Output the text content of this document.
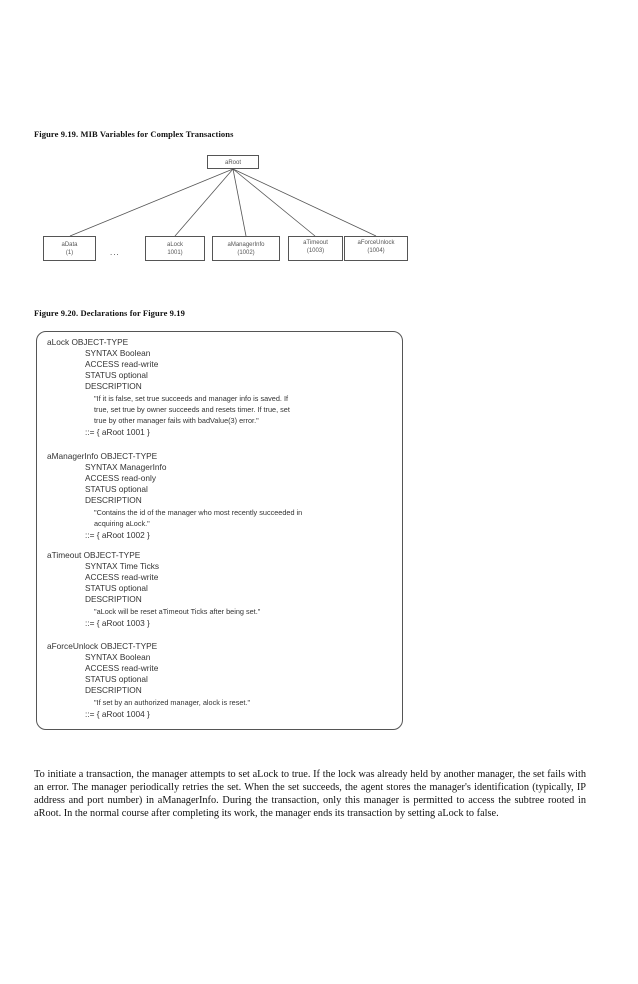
Figure 9.19. MIB Variables for Complex Transactions
aRoot
aData
(1)	...
aLock
1001)
aManagerInfo
(1002)
aTimeout
(1003)
aForceUnlock
(1004)
Figure 9.20. Declarations for Figure 9.19
aLock OBJECT-TYPE
SYNTAX Boolean
ACCESS read-write
STATUS optional
DESCRIPTION
"If it is false, set true succeeds and manager info is saved. If
true, set true by owner succeeds and resets timer. If true, set
true by other manager fails with badValue(3) error."
::= { aRoot 1001 }
aManagerInfo OBJECT-TYPE
SYNTAX ManagerInfo
ACCESS read-only
STATUS optional
DESCRIPTION
"Contains the id of the manager who most recently succeeded in
acquiring aLock."
::= { aRoot 1002 }
aTimeout OBJECT-TYPE
SYNTAX Time Ticks
ACCESS read-write
STATUS optional
DESCRIPTION
"aLock will be reset aTimeout Ticks after being set."
::= { aRoot 1003 }
aForceUnlock OBJECT-TYPE
SYNTAX Boolean
ACCESS read-write
STATUS optional
DESCRIPTION
"If set by an authorized manager, alock is reset."
::= { aRoot 1004 }
To initiate a transaction, the manager attempts to set aLock to true. If the lock was already held by another manager, the set fails with an error. The manager periodically retries the set. When the set succeeds, the agent stores the manager's identification (typically, IP address and port number) in aManagerInfo. During the transaction, only this manager is permitted to access the subtree rooted in aRoot. In the normal course after completing its work, the manager ends its transaction by setting aLock to false.
